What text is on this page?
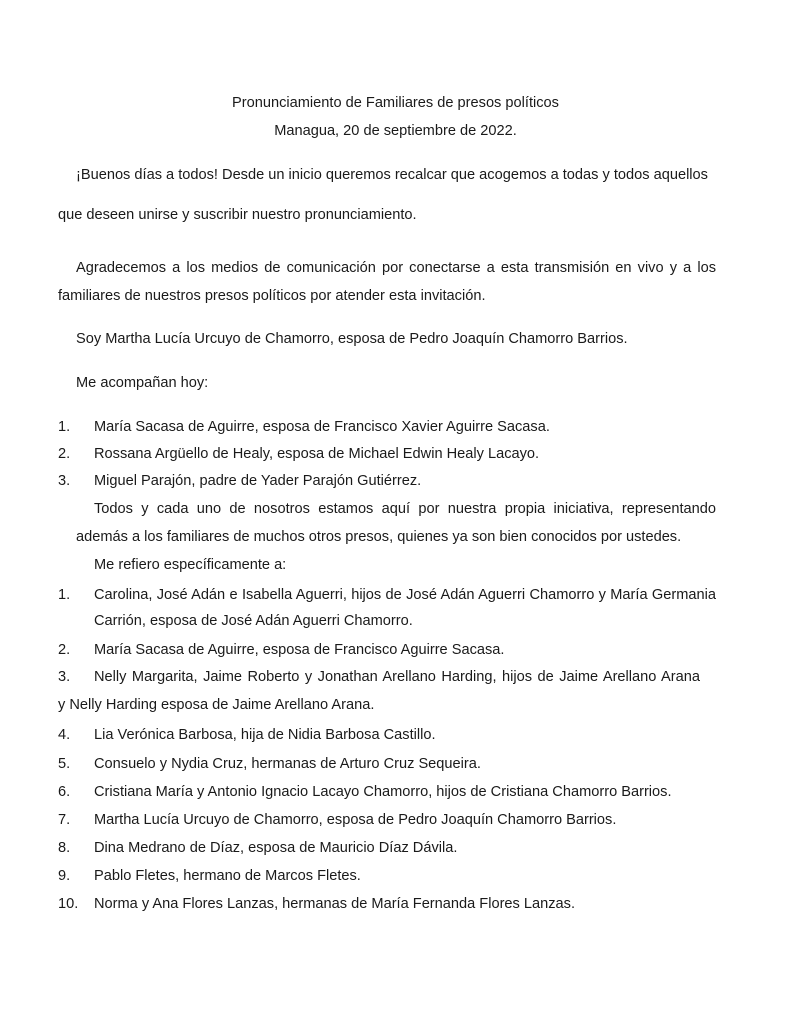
Pronunciamiento de Familiares de presos políticos
Managua, 20 de septiembre de 2022.
¡Buenos días a todos! Desde un inicio queremos recalcar que acogemos a todas y todos aquellos
que deseen unirse y suscribir nuestro pronunciamiento.
Agradecemos a los medios de comunicación por conectarse a esta transmisión en vivo y a los
familiares de nuestros presos políticos por atender esta invitación.
Soy Martha Lucía Urcuyo de Chamorro, esposa de Pedro Joaquín Chamorro Barrios.
Me acompañan hoy:
1. María Sacasa de Aguirre, esposa de Francisco Xavier Aguirre Sacasa.
2. Rossana Argüello de Healy, esposa de Michael Edwin Healy Lacayo.
3. Miguel Parajón, padre de Yader Parajón Gutiérrez.
Todos y cada uno de nosotros estamos aquí por nuestra propia iniciativa, representando
además a los familiares de muchos otros presos, quienes ya son bien conocidos por ustedes.
Me refiero específicamente a:
1. Carolina, José Adán e Isabella Aguerri, hijos de José Adán Aguerri Chamorro y María Germania
Carrión, esposa de José Adán Aguerri Chamorro.
2. María Sacasa de Aguirre, esposa de Francisco Aguirre Sacasa.
3. Nelly Margarita, Jaime Roberto y Jonathan Arellano Harding, hijos de Jaime Arellano Arana
y Nelly Harding esposa de Jaime Arellano Arana.
4. Lia Verónica Barbosa, hija de Nidia Barbosa Castillo.
5. Consuelo y Nydia Cruz, hermanas de Arturo Cruz Sequeira.
6. Cristiana María y Antonio Ignacio Lacayo Chamorro, hijos de Cristiana Chamorro Barrios.
7. Martha Lucía Urcuyo de Chamorro, esposa de Pedro Joaquín Chamorro Barrios.
8. Dina Medrano de Díaz, esposa de Mauricio Díaz Dávila.
9. Pablo Fletes, hermano de Marcos Fletes.
10. Norma y Ana Flores Lanzas, hermanas de María Fernanda Flores Lanzas.
